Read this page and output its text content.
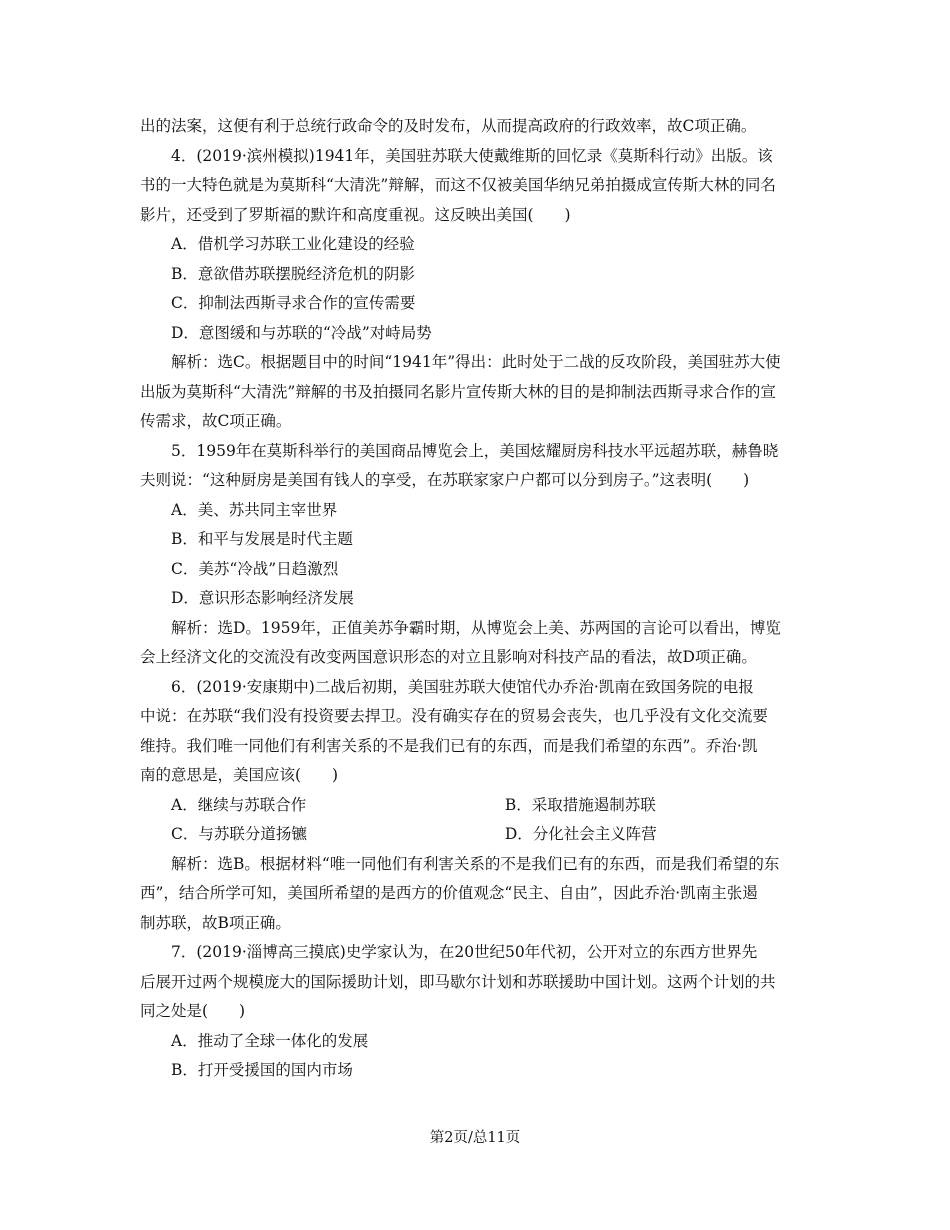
出的法案，这便有利于总统行政命令的及时发布，从而提高政府的行政效率，故C项正确。

4．(2019·滨州模拟)1941年，美国驻苏联大使戴维斯的回忆录《莫斯科行动》出版。该

书的一大特色就是为莫斯科“大清洗”辩解，而这不仅被美国华纳兄弟拍摄成宣传斯大林的同名

影片，还受到了罗斯福的默许和高度重视。这反映出美国(　　)

A．借机学习苏联工业化建设的经验

B．意欲借苏联摆脱经济危机的阴影

C．抑制法西斯寻求合作的宣传需要

D．意图缓和与苏联的“冷战”对峙局势

解析：选C。根据题目中的时间“1941年”得出：此时处于二战的反攻阶段，美国驻苏大使

出版为莫斯科“大清洗”辩解的书及拍摄同名影片宣传斯大林的目的是抑制法西斯寻求合作的宣

传需求，故C项正确。

5．1959年在莫斯科举行的美国商品博览会上，美国炫耀厨房科技水平远超苏联，赫鲁晓

夫则说：“这种厨房是美国有钱人的享受，在苏联家家户户都可以分到房子。”这表明(　　)

A．美、苏共同主宰世界

B．和平与发展是时代主题

C．美苏“冷战”日趋激烈

D．意识形态影响经济发展

解析：选D。1959年，正值美苏争霸时期，从博览会上美、苏两国的言论可以看出，博览

会上经济文化的交流没有改变两国意识形态的对立且影响对科技产品的看法，故D项正确。

6．(2019·安康期中)二战后初期，美国驻苏联大使馆代办乔治·凯南在致国务院的电报

中说：在苏联“我们没有投资要去捍卫。没有确实存在的贸易会丧失，也几乎没有文化交流要

维持。我们唯一同他们有利害关系的不是我们已有的东西，而是我们希望的东西”。乔治·凯

南的意思是，美国应该(　　)

A．继续与苏联合作	B．采取措施遏制苏联

C．与苏联分道扬镳	D．分化社会主义阵营

解析：选B。根据材料“唯一同他们有利害关系的不是我们已有的东西，而是我们希望的东

西”，结合所学可知，美国所希望的是西方的价值观念“民主、自由”，因此乔治·凯南主张遏

制苏联，故B项正确。

7．(2019·淄博高三摸底)史学家认为，在20世纪50年代初，公开对立的东西方世界先

后展开过两个规模庞大的国际援助计划，即马歇尔计划和苏联援助中国计划。这两个计划的共

同之处是(　　)

A．推动了全球一体化的发展

B．打开受援国的国内市场

第2页/总11页
